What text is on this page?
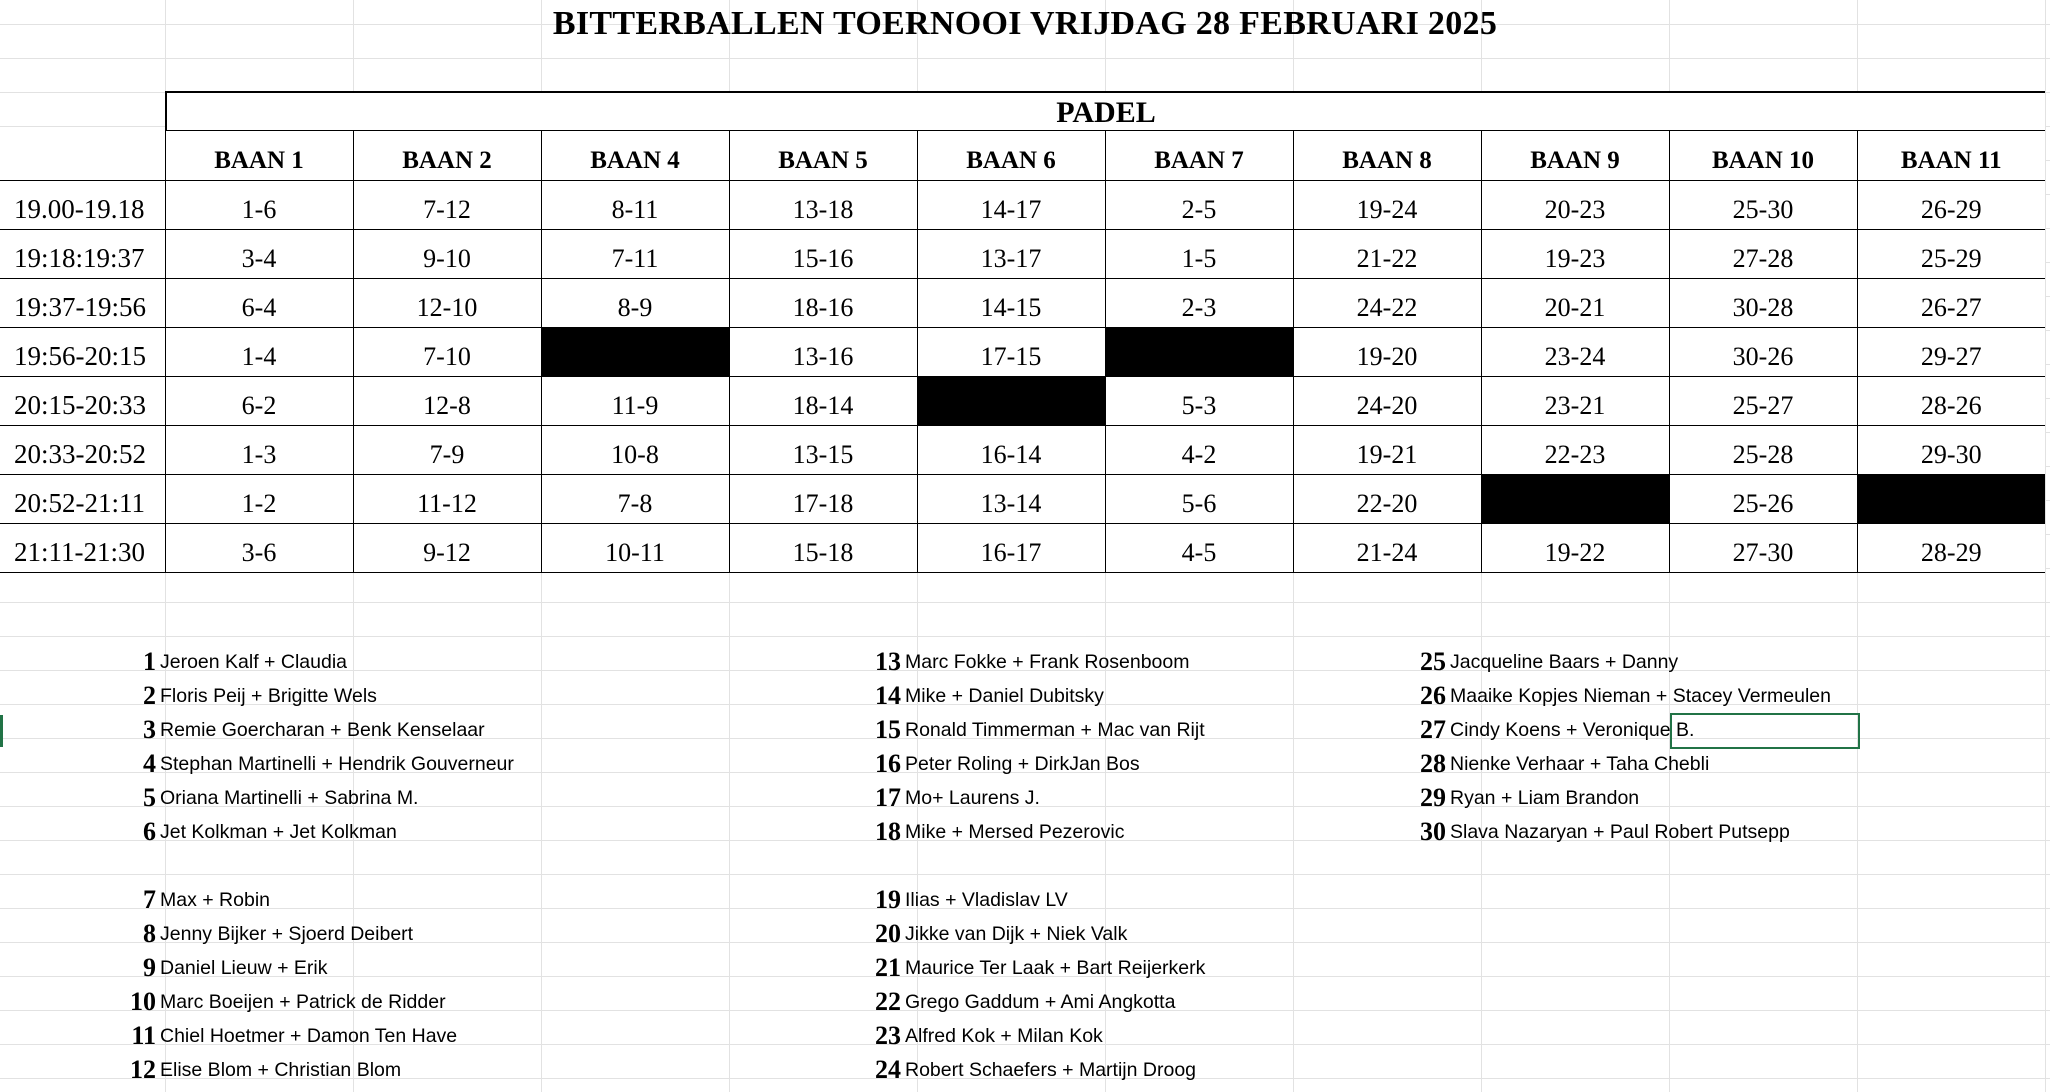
BITTERBALLEN TOERNOOI VRIJDAG 28 FEBRUARI 2025
PADEL
	BAAN 1	BAAN 2	BAAN 4	BAAN 5	BAAN 6	BAAN 7	BAAN 8	BAAN 9	BAAN 10	BAAN 11
19.00-19.18	1-6	7-12	8-11	13-18	14-17	2-5	19-24	20-23	25-30	26-29
19:18:19:37	3-4	9-10	7-11	15-16	13-17	1-5	21-22	19-23	27-28	25-29
19:37-19:56	6-4	12-10	8-9	18-16	14-15	2-3	24-22	20-21	30-28	26-27
19:56-20:15	1-4	7-10		13-16	17-15		19-20	23-24	30-26	29-27
20:15-20:33	6-2	12-8	11-9	18-14		5-3	24-20	23-21	25-27	28-26
20:33-20:52	1-3	7-9	10-8	13-15	16-14	4-2	19-21	22-23	25-28	29-30
20:52-21:11	1-2	11-12	7-8	17-18	13-14	5-6	22-20		25-26	
21:11-21:30	3-6	9-12	10-11	15-18	16-17	4-5	21-24	19-22	27-30	28-29
1 Jeroen Kalf + Claudia
2 Floris Peij + Brigitte Wels
3 Remie Goercharan + Benk Kenselaar
4 Stephan Martinelli + Hendrik Gouverneur
5 Oriana Martinelli + Sabrina M.
6 Jet Kolkman + Jet Kolkman
7 Max + Robin
8 Jenny Bijker + Sjoerd Deibert
9 Daniel Lieuw + Erik
10 Marc Boeijen + Patrick de Ridder
11 Chiel Hoetmer + Damon Ten Have
12 Elise Blom + Christian Blom
13 Marc Fokke + Frank Rosenboom
14 Mike + Daniel Dubitsky
15 Ronald Timmerman + Mac van Rijt
16 Peter Roling + DirkJan Bos
17 Mo+ Laurens J.
18 Mike + Mersed Pezerovic
19 Ilias + Vladislav LV
20 Jikke van Dijk + Niek Valk
21 Maurice Ter Laak + Bart Reijerkerk
22 Grego Gaddum + Ami Angkotta
23 Alfred Kok + Milan Kok
24 Robert Schaefers + Martijn Droog
25 Jacqueline Baars + Danny
26 Maaike Kopjes Nieman + Stacey Vermeulen
27 Cindy Koens + Veronique B.
28 Nienke Verhaar + Taha Chebli
29 Ryan + Liam Brandon
30 Slava Nazaryan + Paul Robert Putsepp
